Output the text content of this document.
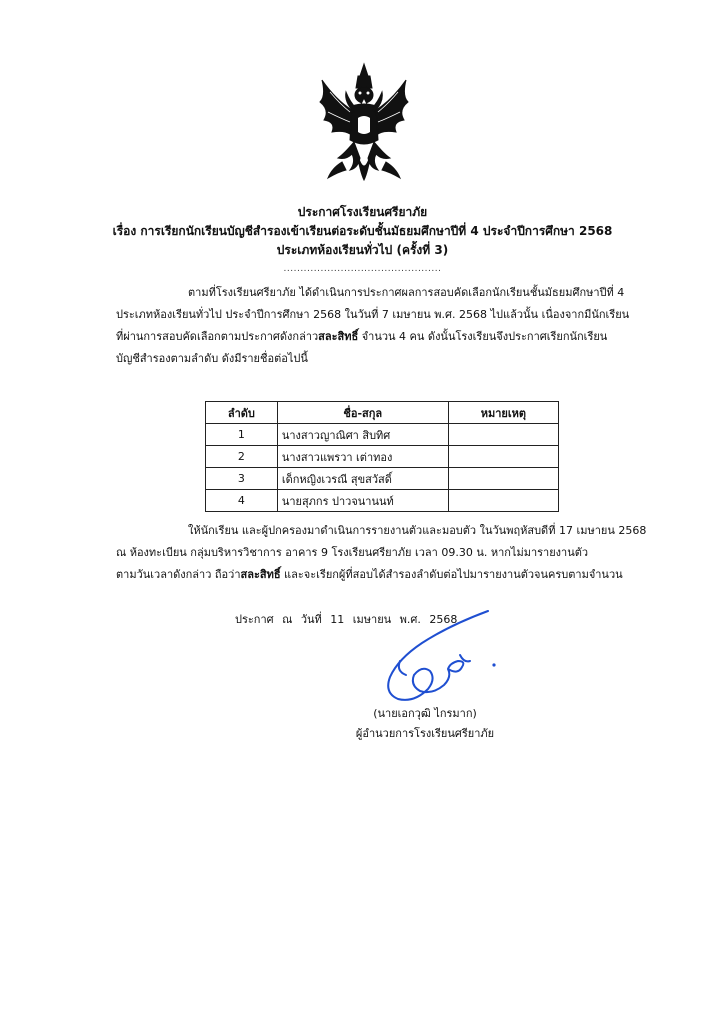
ประกาศโรงเรียนศรียาภัย
เรื่อง การเรียกนักเรียนบัญชีสำรองเข้าเรียนต่อระดับชั้นมัธยมศึกษาปีที่ 4 ประจำปีการศึกษา 2568
ประเภทห้องเรียนทั่วไป (ครั้งที่ 3)
...............................................
ตามที่โรงเรียนศรียาภัย ได้ดำเนินการประกาศผลการสอบคัดเลือกนักเรียนชั้นมัธยมศึกษาปีที่ 4
ประเภทห้องเรียนทั่วไป ประจำปีการศึกษา 2568 ในวันที่ 7 เมษายน พ.ศ. 2568 ไปแล้วนั้น เนื่องจากมีนักเรียน
ที่ผ่านการสอบคัดเลือกตามประกาศดังกล่าวสละสิทธิ์ จำนวน 4 คน ดังนั้นโรงเรียนจึงประกาศเรียกนักเรียน
บัญชีสำรองตามลำดับ ดังมีรายชื่อต่อไปนี้
ลำดับ	ชื่อ-สกุล	หมายเหตุ
1	นางสาวญาณิศา สิบทิศ	
2	นางสาวแพรวา เต่าทอง	
3	เด็กหญิงเวรณี สุขสวัสดิ์	
4	นายสุภกร ปาวจนานนท์	
ให้นักเรียน และผู้ปกครองมาดำเนินการรายงานตัวและมอบตัว ในวันพฤหัสบดีที่ 17 เมษายน 2568
ณ ห้องทะเบียน กลุ่มบริหารวิชาการ อาคาร 9 โรงเรียนศรียาภัย เวลา 09.30 น. หากไม่มารายงานตัว
ตามวันเวลาดังกล่าว ถือว่าสละสิทธิ์ และจะเรียกผู้ที่สอบได้สำรองลำดับต่อไปมารายงานตัวจนครบตามจำนวน
ประกาศ ณ วันที่ 11 เมษายน พ.ศ. 2568
(นายเอกวุฒิ ไกรมาก)
ผู้อำนวยการโรงเรียนศรียาภัย
